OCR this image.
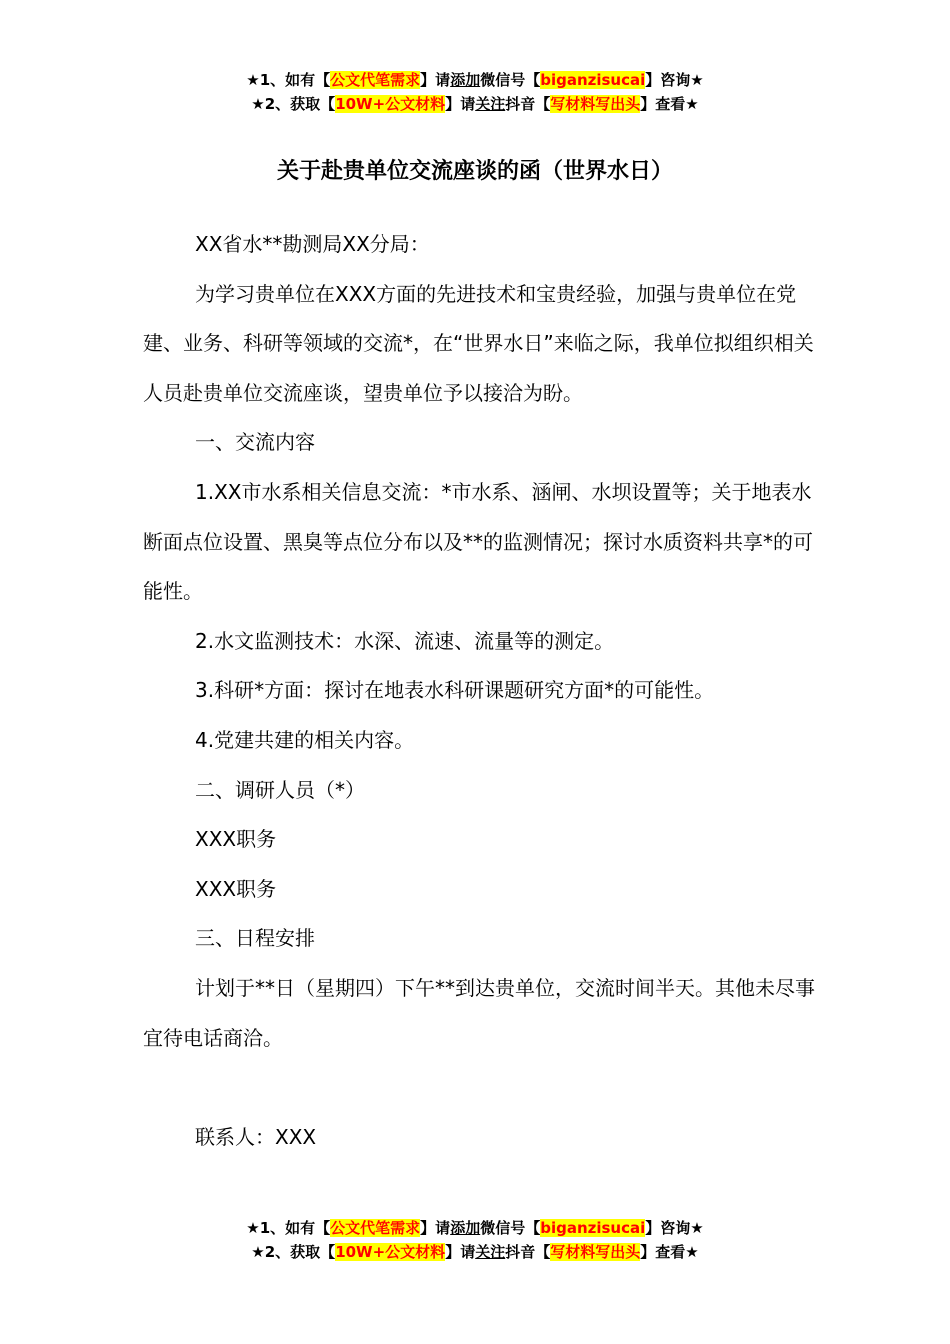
★1、如有【公文代笔需求】请添加微信号【biganzisucai】咨询★
★2、获取【10W+公文材料】请关注抖音【写材料写出头】查看★
关于赴贵单位交流座谈的函（世界水日）

XX省水**勘测局XX分局：

为学习贵单位在XXX方面的先进技术和宝贵经验，加强与贵单位在党建、业务、科研等领域的交流*，在“世界水日”来临之际，我单位拟组织相关人员赴贵单位交流座谈，望贵单位予以接洽为盼。

一、交流内容

1.XX市水系相关信息交流：*市水系、涵闸、水坝设置等；关于地表水断面点位设置、黑臭等点位分布以及**的监测情况；探讨水质资料共享*的可能性。

2.水文监测技术：水深、流速、流量等的测定。

3.科研*方面：探讨在地表水科研课题研究方面*的可能性。

4.党建共建的相关内容。

二、调研人员（*）

XXX职务

XXX职务

三、日程安排

计划于**日（星期四）下午**到达贵单位，交流时间半天。其他未尽事宜待电话商洽。

联系人：XXX

★1、如有【公文代笔需求】请添加微信号【biganzisucai】咨询★
★2、获取【10W+公文材料】请关注抖音【写材料写出头】查看★
